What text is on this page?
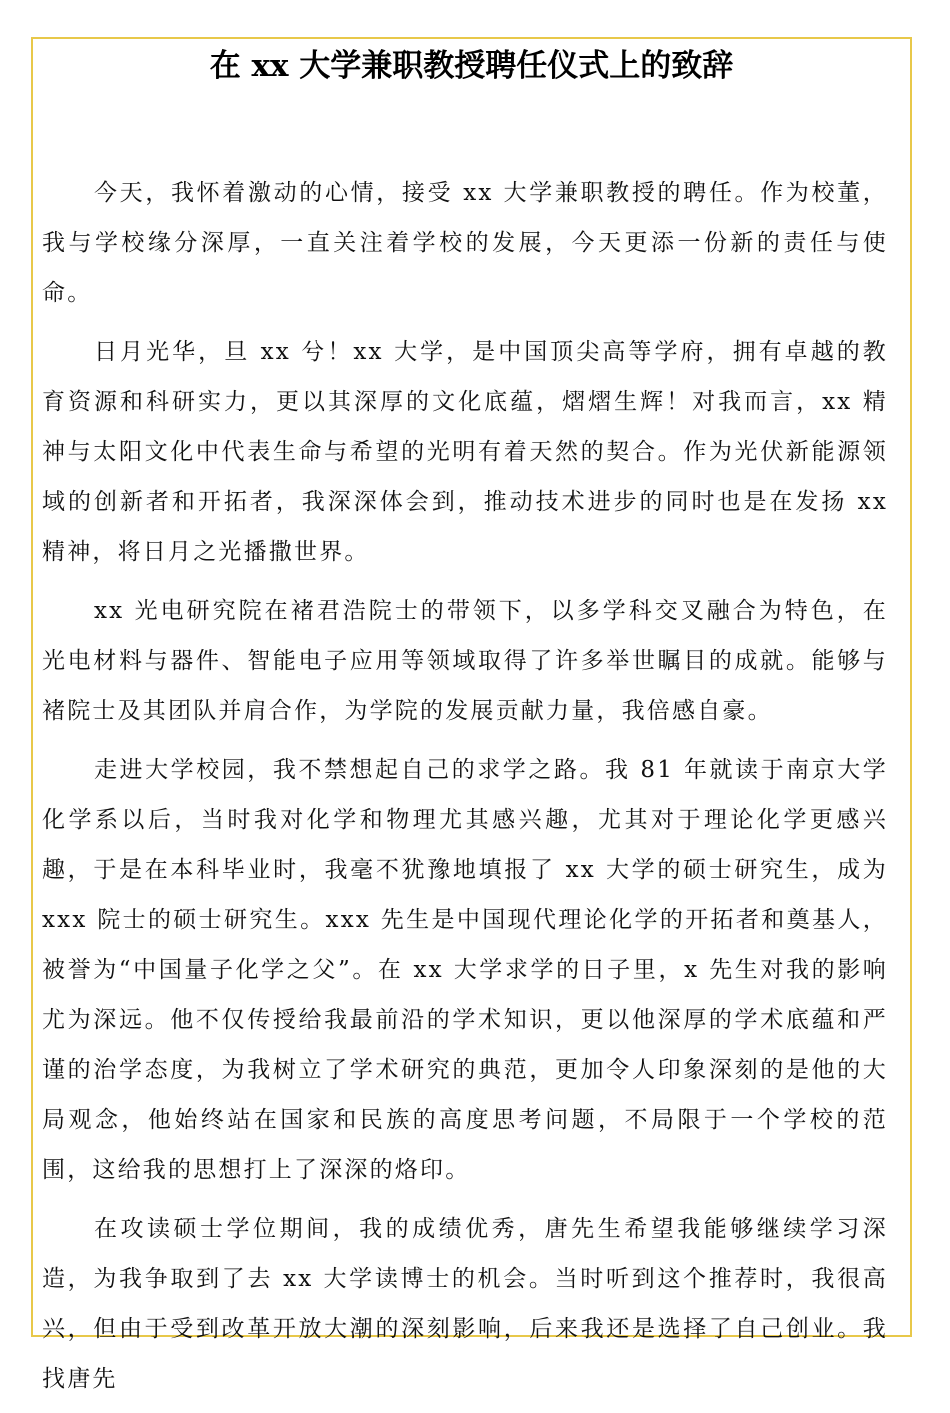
在 xx 大学兼职教授聘任仪式上的致辞

今天，我怀着激动的心情，接受 xx 大学兼职教授的聘任。作为校董，我与学校缘分深厚，一直关注着学校的发展，今天更添一份新的责任与使命。

日月光华，旦 xx 兮！xx 大学，是中国顶尖高等学府，拥有卓越的教育资源和科研实力，更以其深厚的文化底蕴，熠熠生辉！对我而言，xx 精神与太阳文化中代表生命与希望的光明有着天然的契合。作为光伏新能源领域的创新者和开拓者，我深深体会到，推动技术进步的同时也是在发扬 xx 精神，将日月之光播撒世界。

xx 光电研究院在褚君浩院士的带领下，以多学科交叉融合为特色，在光电材料与器件、智能电子应用等领域取得了许多举世瞩目的成就。能够与褚院士及其团队并肩合作，为学院的发展贡献力量，我倍感自豪。

走进大学校园，我不禁想起自己的求学之路。我 81 年就读于南京大学化学系以后，当时我对化学和物理尤其感兴趣，尤其对于理论化学更感兴趣，于是在本科毕业时，我毫不犹豫地填报了 xx 大学的硕士研究生，成为 xxx 院士的硕士研究生。xxx 先生是中国现代理论化学的开拓者和奠基人，被誉为“中国量子化学之父”。在 xx 大学求学的日子里，x 先生对我的影响尤为深远。他不仅传授给我最前沿的学术知识，更以他深厚的学术底蕴和严谨的治学态度，为我树立了学术研究的典范，更加令人印象深刻的是他的大局观念，他始终站在国家和民族的高度思考问题，不局限于一个学校的范围，这给我的思想打上了深深的烙印。

在攻读硕士学位期间，我的成绩优秀，唐先生希望我能够继续学习深造，为我争取到了去 xx 大学读博士的机会。当时听到这个推荐时，我很高兴，但由于受到改革开放大潮的深刻影响，后来我还是选择了自己创业。我找唐先
